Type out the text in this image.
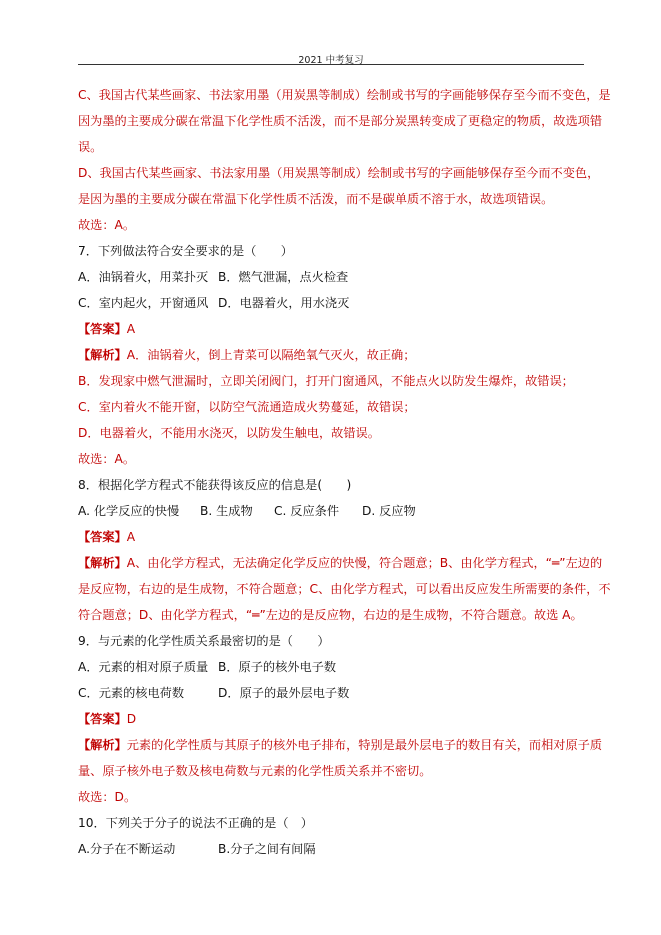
2021 中考复习
C、我国古代某些画家、书法家用墨（用炭黑等制成）绘制或书写的字画能够保存至今而不变色，是
因为墨的主要成分碳在常温下化学性质不活泼，而不是部分炭黑转变成了更稳定的物质，故选项错
误。
D、我国古代某些画家、书法家用墨（用炭黑等制成）绘制或书写的字画能够保存至今而不变色，
是因为墨的主要成分碳在常温下化学性质不活泼，而不是碳单质不溶于水，故选项错误。
故选：A。
7．下列做法符合安全要求的是（　　）
A．油锅着火，用菜扑灭 B．燃气泄漏，点火检查
C．室内起火，开窗通风 D．电器着火，用水浇灭
【答案】A
【解析】A．油锅着火，倒上青菜可以隔绝氧气灭火，故正确；
B．发现家中燃气泄漏时，立即关闭阀门，打开门窗通风，不能点火以防发生爆炸，故错误；
C．室内着火不能开窗，以防空气流通造成火势蔓延，故错误；
D．电器着火，不能用水浇灭，以防发生触电，故错误。
故选：A。
8．根据化学方程式不能获得该反应的信息是(　　)
A. 化学反应的快慢 B. 生成物 C. 反应条件 D. 反应物
【答案】A
【解析】A、由化学方程式，无法确定化学反应的快慢，符合题意；B、由化学方程式，“═”左边的
是反应物，右边的是生成物，不符合题意；C、由化学方程式，可以看出反应发生所需要的条件，不
符合题意；D、由化学方程式，“═”左边的是反应物，右边的是生成物，不符合题意。故选 A。
9．与元素的化学性质关系最密切的是（　　）
A．元素的相对原子质量 B．原子的核外电子数
C．元素的核电荷数	D．原子的最外层电子数
【答案】D
【解析】元素的化学性质与其原子的核外电子排布，特别是最外层电子的数目有关，而相对原子质
量、原子核外电子数及核电荷数与元素的化学性质关系并不密切。
故选：D。
10．下列关于分子的说法不正确的是（　）
A.分子在不断运动	B.分子之间有间隔
